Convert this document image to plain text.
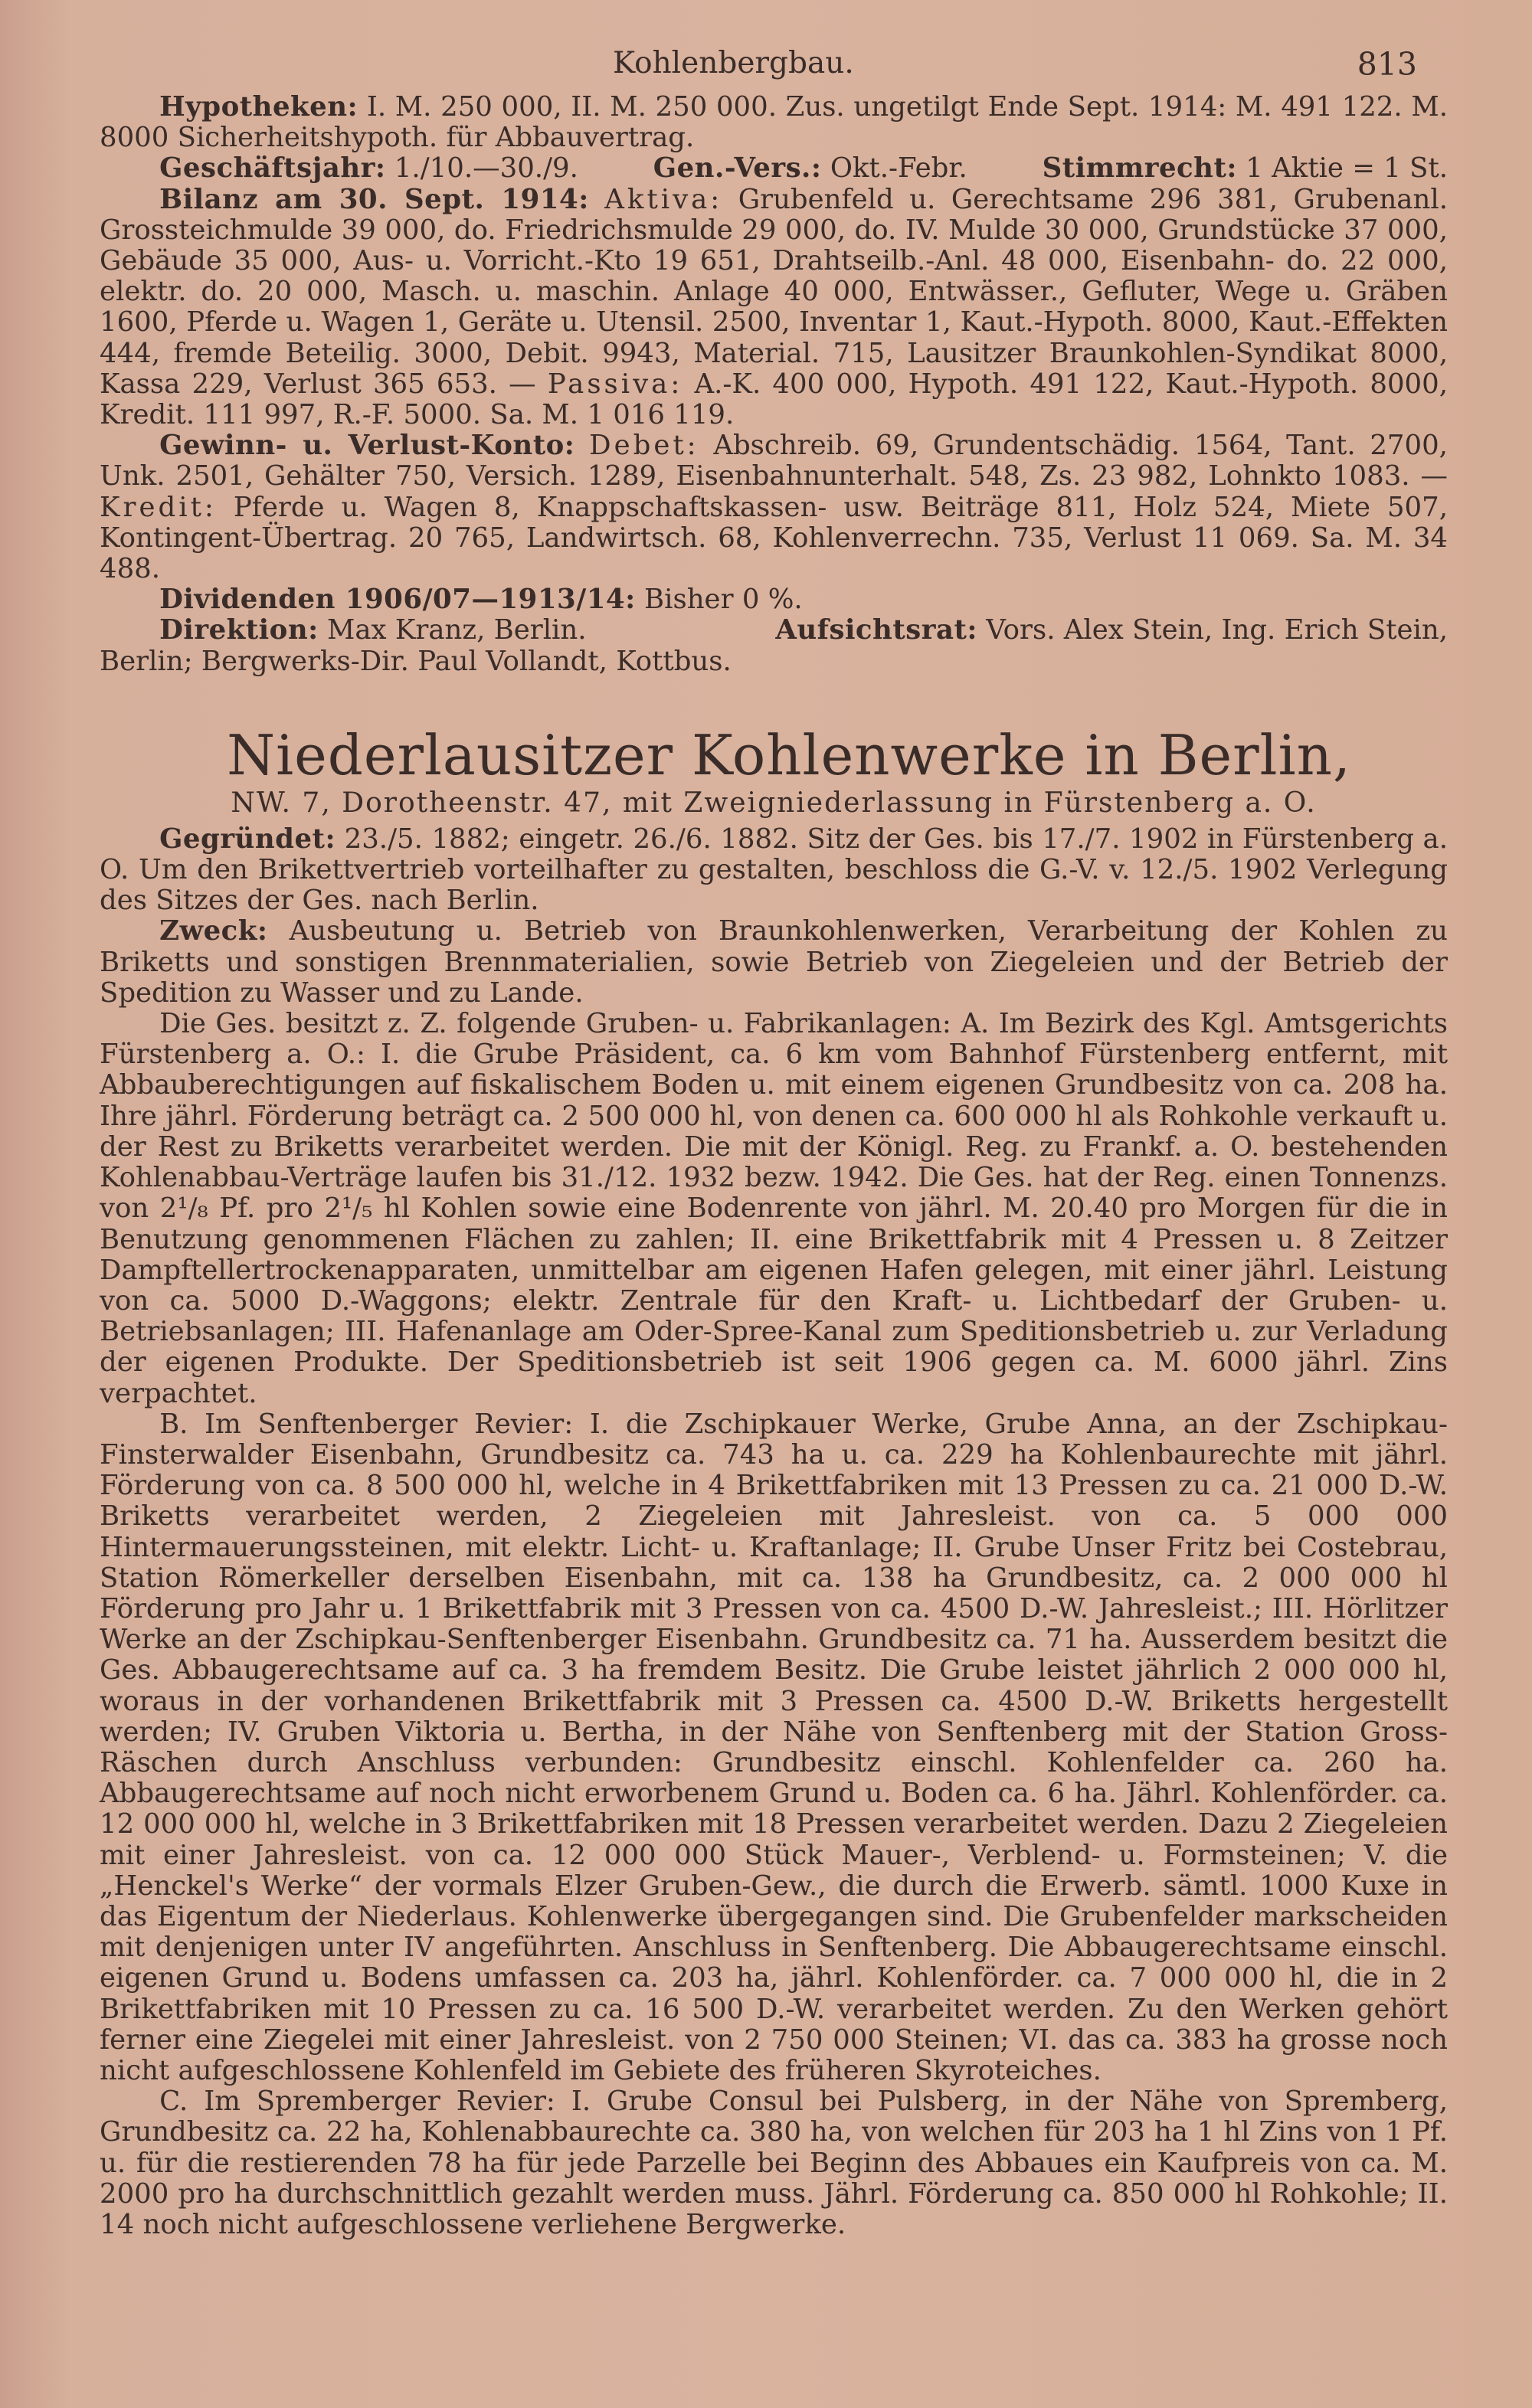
Kohlenbergbau.	813

Hypotheken: I. M. 250 000, II. M. 250 000. Zus. ungetilgt Ende Sept. 1914: M. 491 122. M. 8000 Sicherheitshypoth. für Abbauvertrag.

Geschäftsjahr: 1./10.—30./9.	Gen.-Vers.: Okt.-Febr.	Stimmrecht: 1 Aktie = 1 St.

Bilanz am 30. Sept. 1914: Aktiva: Grubenfeld u. Gerechtsame 296 381, Grubenanl. Grossteichmulde 39 000, do. Friedrichsmulde 29 000, do. IV. Mulde 30 000, Grundstücke 37 000, Gebäude 35 000, Aus- u. Vorricht.-Kto 19 651, Drahtseilb.-Anl. 48 000, Eisenbahn- do. 22 000, elektr. do. 20 000, Masch. u. maschin. Anlage 40 000, Entwässer., Gefluter, Wege u. Gräben 1600, Pferde u. Wagen 1, Geräte u. Utensil. 2500, Inventar 1, Kaut.-Hypoth. 8000, Kaut.-Effekten 444, fremde Beteilig. 3000, Debit. 9943, Material. 715, Lausitzer Braunkohlen-Syndikat 8000, Kassa 229, Verlust 365 653. — Passiva: A.-K. 400 000, Hypoth. 491 122, Kaut.-Hypoth. 8000, Kredit. 111 997, R.-F. 5000. Sa. M. 1 016 119.

Gewinn- u. Verlust-Konto: Debet: Abschreib. 69, Grundentschädig. 1564, Tant. 2700, Unk. 2501, Gehälter 750, Versich. 1289, Eisenbahnunterhalt. 548, Zs. 23 982, Lohnkto 1083. — Kredit: Pferde u. Wagen 8, Knappschaftskassen- usw. Beiträge 811, Holz 524, Miete 507, Kontingent-Übertrag. 20 765, Landwirtsch. 68, Kohlenverrechn. 735, Verlust 11 069. Sa. M. 34 488.

Dividenden 1906/07—1913/14: Bisher 0 %.

Direktion: Max Kranz, Berlin.	Aufsichtsrat: Vors. Alex Stein, Ing. Erich Stein,

Berlin; Bergwerks-Dir. Paul Vollandt, Kottbus.

Niederlausitzer Kohlenwerke in Berlin,
NW. 7, Dorotheenstr. 47, mit Zweigniederlassung in Fürstenberg a. O.

Gegründet: 23./5. 1882; eingetr. 26./6. 1882. Sitz der Ges. bis 17./7. 1902 in Fürstenberg a. O. Um den Brikettvertrieb vorteilhafter zu gestalten, beschloss die G.-V. v. 12./5. 1902 Verlegung des Sitzes der Ges. nach Berlin.

Zweck: Ausbeutung u. Betrieb von Braunkohlenwerken, Verarbeitung der Kohlen zu Briketts und sonstigen Brennmaterialien, sowie Betrieb von Ziegeleien und der Betrieb der Spedition zu Wasser und zu Lande.

Die Ges. besitzt z. Z. folgende Gruben- u. Fabrikanlagen: A. Im Bezirk des Kgl. Amtsgerichts Fürstenberg a. O.: I. die Grube Präsident, ca. 6 km vom Bahnhof Fürstenberg entfernt, mit Abbauberechtigungen auf fiskalischem Boden u. mit einem eigenen Grundbesitz von ca. 208 ha. Ihre jährl. Förderung beträgt ca. 2 500 000 hl, von denen ca. 600 000 hl als Rohkohle verkauft u. der Rest zu Briketts verarbeitet werden. Die mit der Königl. Reg. zu Frankf. a. O. bestehenden Kohlenabbau-Verträge laufen bis 31./12. 1932 bezw. 1942. Die Ges. hat der Reg. einen Tonnenzs. von 2¹/₈ Pf. pro 2¹/₅ hl Kohlen sowie eine Bodenrente von jährl. M. 20.40 pro Morgen für die in Benutzung genommenen Flächen zu zahlen; II. eine Brikettfabrik mit 4 Pressen u. 8 Zeitzer Dampftellertrockenapparaten, unmittelbar am eigenen Hafen gelegen, mit einer jährl. Leistung von ca. 5000 D.-Waggons; elektr. Zentrale für den Kraft- u. Lichtbedarf der Gruben- u. Betriebsanlagen; III. Hafenanlage am Oder-Spree-Kanal zum Speditionsbetrieb u. zur Verladung der eigenen Produkte. Der Speditionsbetrieb ist seit 1906 gegen ca. M. 6000 jährl. Zins verpachtet.

B. Im Senftenberger Revier: I. die Zschipkauer Werke, Grube Anna, an der Zschipkau-Finsterwalder Eisenbahn, Grundbesitz ca. 743 ha u. ca. 229 ha Kohlenbaurechte mit jährl. Förderung von ca. 8 500 000 hl, welche in 4 Brikettfabriken mit 13 Pressen zu ca. 21 000 D.-W. Briketts verarbeitet werden, 2 Ziegeleien mit Jahresleist. von ca. 5 000 000 Hintermauerungssteinen, mit elektr. Licht- u. Kraftanlage; II. Grube Unser Fritz bei Costebrau, Station Römerkeller derselben Eisenbahn, mit ca. 138 ha Grundbesitz, ca. 2 000 000 hl Förderung pro Jahr u. 1 Brikettfabrik mit 3 Pressen von ca. 4500 D.-W. Jahresleist.; III. Hörlitzer Werke an der Zschipkau-Senftenberger Eisenbahn. Grundbesitz ca. 71 ha. Ausserdem besitzt die Ges. Abbaugerechtsame auf ca. 3 ha fremdem Besitz. Die Grube leistet jährlich 2 000 000 hl, woraus in der vorhandenen Brikettfabrik mit 3 Pressen ca. 4500 D.-W. Briketts hergestellt werden; IV. Gruben Viktoria u. Bertha, in der Nähe von Senftenberg mit der Station Gross-Räschen durch Anschluss verbunden: Grundbesitz einschl. Kohlenfelder ca. 260 ha. Abbaugerechtsame auf noch nicht erworbenem Grund u. Boden ca. 6 ha. Jährl. Kohlenförder. ca. 12 000 000 hl, welche in 3 Brikettfabriken mit 18 Pressen verarbeitet werden. Dazu 2 Ziegeleien mit einer Jahresleist. von ca. 12 000 000 Stück Mauer-, Verblend- u. Formsteinen; V. die „Henckel's Werke“ der vormals Elzer Gruben-Gew., die durch die Erwerb. sämtl. 1000 Kuxe in das Eigentum der Niederlaus. Kohlenwerke übergegangen sind. Die Grubenfelder markscheiden mit denjenigen unter IV angeführten. Anschluss in Senftenberg. Die Abbaugerechtsame einschl. eigenen Grund u. Bodens umfassen ca. 203 ha, jährl. Kohlenförder. ca. 7 000 000 hl, die in 2 Brikettfabriken mit 10 Pressen zu ca. 16 500 D.-W. verarbeitet werden. Zu den Werken gehört ferner eine Ziegelei mit einer Jahresleist. von 2 750 000 Steinen; VI. das ca. 383 ha grosse noch nicht aufgeschlossene Kohlenfeld im Gebiete des früheren Skyroteiches.

C. Im Spremberger Revier: I. Grube Consul bei Pulsberg, in der Nähe von Spremberg, Grundbesitz ca. 22 ha, Kohlenabbaurechte ca. 380 ha, von welchen für 203 ha 1 hl Zins von 1 Pf. u. für die restierenden 78 ha für jede Parzelle bei Beginn des Abbaues ein Kaufpreis von ca. M. 2000 pro ha durchschnittlich gezahlt werden muss. Jährl. Förderung ca. 850 000 hl Rohkohle; II. 14 noch nicht aufgeschlossene verliehene Bergwerke.
